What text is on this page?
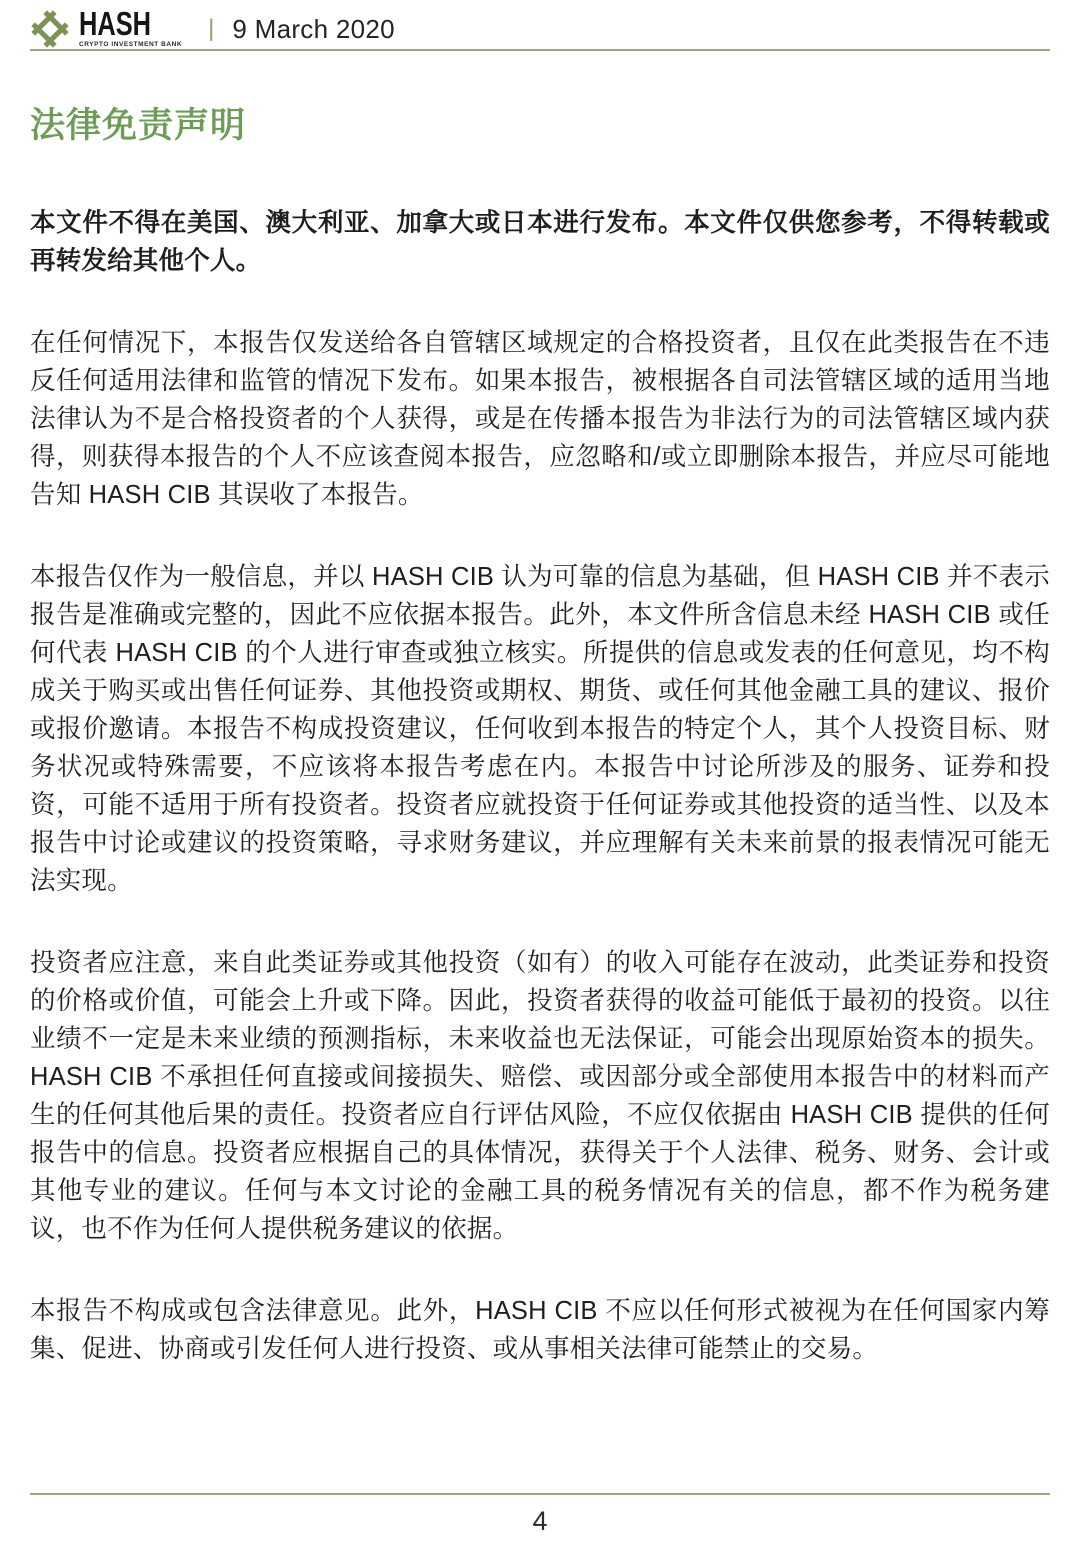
HASH
CRYPTO INVESTMENT BANK
| 9 March 2020
法律免责声明

本文件不得在美国、澳大利亚、加拿大或日本进行发布。本文件仅供您参考，不得转载或再转发给其他个人。

在任何情况下，本报告仅发送给各自管辖区域规定的合格投资者，且仅在此类报告在不违反任何适用法律和监管的情况下发布。如果本报告，被根据各自司法管辖区域的适用当地法律认为不是合格投资者的个人获得，或是在传播本报告为非法行为的司法管辖区域内获得，则获得本报告的个人不应该查阅本报告，应忽略和/或立即删除本报告，并应尽可能地告知 HASH CIB 其误收了本报告。

本报告仅作为一般信息，并以 HASH CIB 认为可靠的信息为基础，但 HASH CIB 并不表示报告是准确或完整的，因此不应依据本报告。此外，本文件所含信息未经 HASH CIB 或任何代表 HASH CIB 的个人进行审查或独立核实。所提供的信息或发表的任何意见，均不构成关于购买或出售任何证券、其他投资或期权、期货、或任何其他金融工具的建议、报价或报价邀请。本报告不构成投资建议，任何收到本报告的特定个人，其个人投资目标、财务状况或特殊需要，不应该将本报告考虑在内。本报告中讨论所涉及的服务、证券和投资，可能不适用于所有投资者。投资者应就投资于任何证券或其他投资的适当性、以及本报告中讨论或建议的投资策略，寻求财务建议，并应理解有关未来前景的报表情况可能无法实现。

投资者应注意，来自此类证券或其他投资（如有）的收入可能存在波动，此类证券和投资的价格或价值，可能会上升或下降。因此，投资者获得的收益可能低于最初的投资。以往业绩不一定是未来业绩的预测指标，未来收益也无法保证，可能会出现原始资本的损失。HASH CIB 不承担任何直接或间接损失、赔偿、或因部分或全部使用本报告中的材料而产生的任何其他后果的责任。投资者应自行评估风险，不应仅依据由 HASH CIB 提供的任何报告中的信息。投资者应根据自己的具体情况，获得关于个人法律、税务、财务、会计或其他专业的建议。任何与本文讨论的金融工具的税务情况有关的信息，都不作为税务建议，也不作为任何人提供税务建议的依据。

本报告不构成或包含法律意见。此外，HASH CIB 不应以任何形式被视为在任何国家内筹集、促进、协商或引发任何人进行投资、或从事相关法律可能禁止的交易。

4
